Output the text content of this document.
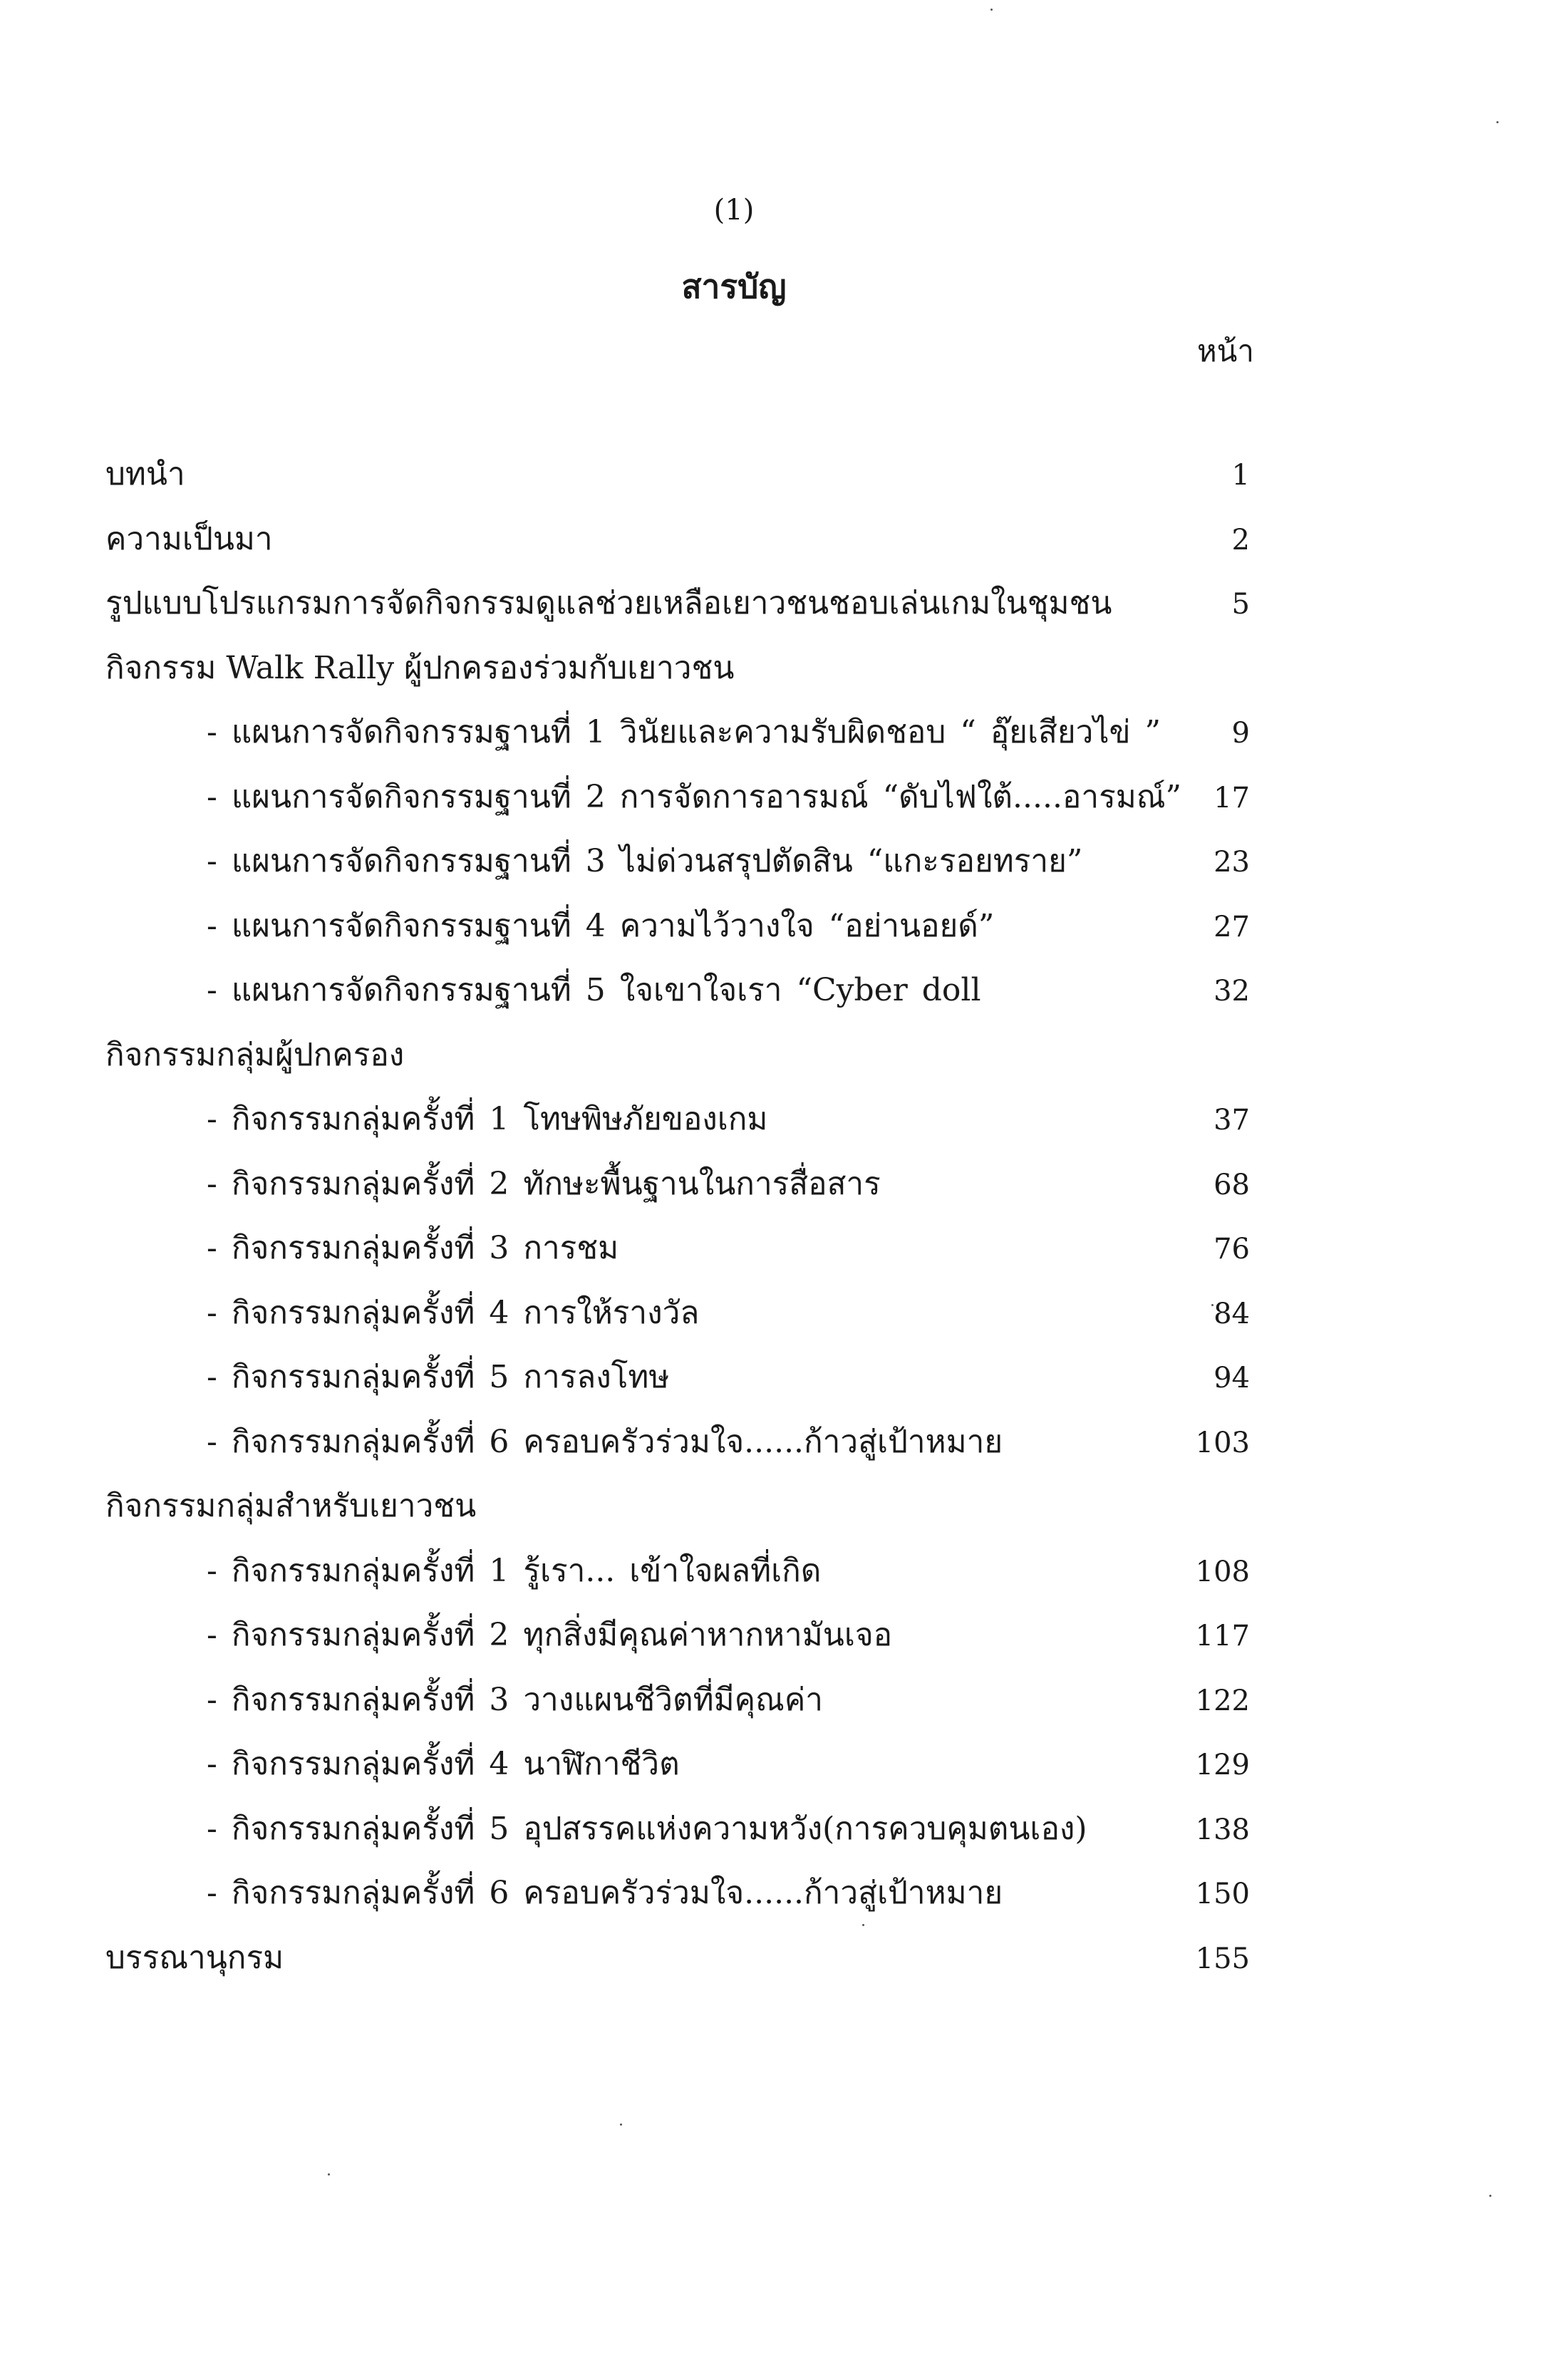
(1)
สารบัญ
หน้า
บทนำ	1
ความเป็นมา	2
รูปแบบโปรแกรมการจัดกิจกรรมดูแลช่วยเหลือเยาวชนชอบเล่นเกมในชุมชน	5
กิจกรรม Walk Rally ผู้ปกครองร่วมกับเยาวชน
- แผนการจัดกิจกรรมฐานที่ 1 วินัยและความรับผิดชอบ “ อุ๊ยเสียวไข่ ” 9
- แผนการจัดกิจกรรมฐานที่ 2 การจัดการอารมณ์ “ดับไฟใต้.....อารมณ์” 17
- แผนการจัดกิจกรรมฐานที่ 3 ไม่ด่วนสรุปตัดสิน “แกะรอยทราย”	23
- แผนการจัดกิจกรรมฐานที่ 4 ความไว้วางใจ “อย่านอยด์”	27
- แผนการจัดกิจกรรมฐานที่ 5 ใจเขาใจเรา “Cyber doll	32
กิจกรรมกลุ่มผู้ปกครอง
- กิจกรรมกลุ่มครั้งที่ 1 โทษพิษภัยของเกม	37
- กิจกรรมกลุ่มครั้งที่ 2 ทักษะพื้นฐานในการสื่อสาร	68
- กิจกรรมกลุ่มครั้งที่ 3 การชม	76
- กิจกรรมกลุ่มครั้งที่ 4 การให้รางวัล	84
- กิจกรรมกลุ่มครั้งที่ 5 การลงโทษ	94
- กิจกรรมกลุ่มครั้งที่ 6 ครอบครัวร่วมใจ......ก้าวสู่เป้าหมาย	103
กิจกรรมกลุ่มสำหรับเยาวชน
- กิจกรรมกลุ่มครั้งที่ 1 รู้เรา... เข้าใจผลที่เกิด	108
- กิจกรรมกลุ่มครั้งที่ 2 ทุกสิ่งมีคุณค่าหากหามันเจอ	117
- กิจกรรมกลุ่มครั้งที่ 3 วางแผนชีวิตที่มีคุณค่า	122
- กิจกรรมกลุ่มครั้งที่ 4 นาฬิกาชีวิต	129
- กิจกรรมกลุ่มครั้งที่ 5 อุปสรรคแห่งความหวัง(การควบคุมตนเอง)	138
- กิจกรรมกลุ่มครั้งที่ 6 ครอบครัวร่วมใจ......ก้าวสู่เป้าหมาย	150
บรรณานุกรม	155
